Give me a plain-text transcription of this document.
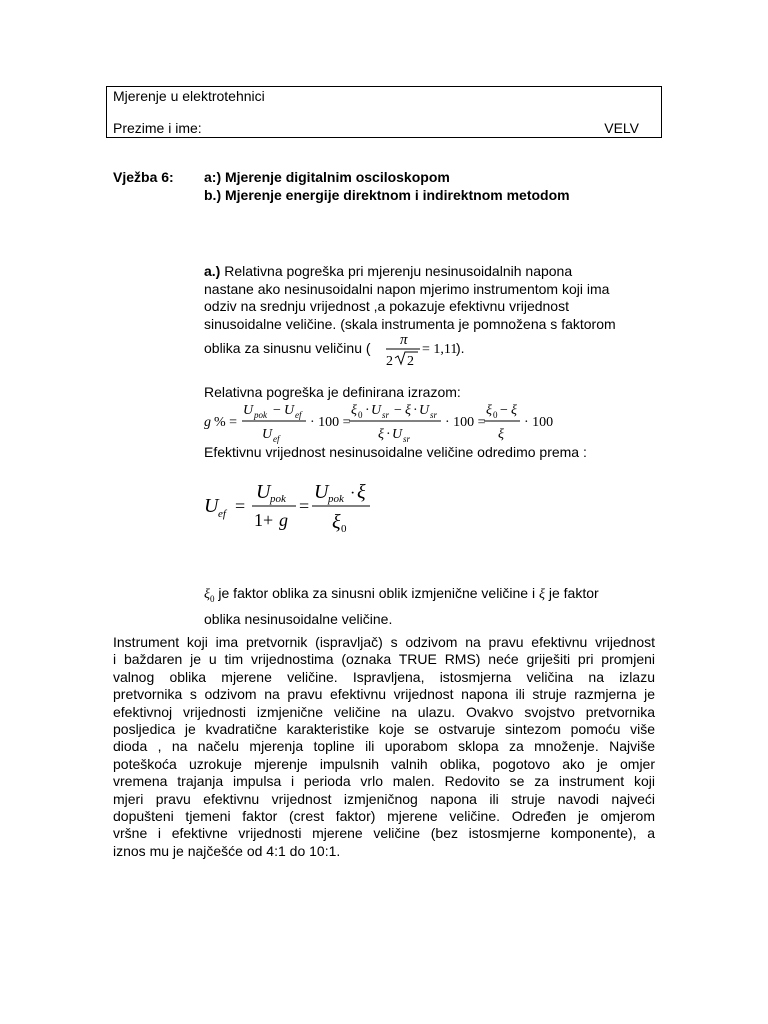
Mjerenje u elektrotehnici
Prezime i ime:	VELV
Vježba 6: a:) Mjerenje digitalnim osciloskopom
b.) Mjerenje energije direktnom i indirektnom metodom
a.) Relativna pogreška pri mjerenju nesinusoidalnih napona
nastane ako nesinusoidalni napon mjerimo instrumentom koji ima
odziv na srednju vrijednost ,a pokazuje efektivnu vrijednost
sinusoidalne veličine. (skala instrumenta je pomnožena s faktorom
oblika za sinusnu veličinu ( π
2 2
= 1,11
).
Relativna pogreška je definirana izrazom:
g % =
U pok − U ef
U ef
· 100 =
ξ 0 · U sr − ξ · U sr
ξ · U sr
· 100 =
ξ 0 − ξ
ξ
· 100
Efektivnu vrijednost nesinusoidalne veličine odredimo prema :
U ef =
U pok
1+ g
=
U pok · ξ
ξ 0
$\xi_0$ je faktor oblika za sinusni oblik izmjenične veličine i ξ je faktor
oblika nesinusoidalne veličine.
Instrument koji ima pretvornik (ispravljač) s odzivom na pravu efektivnu vrijednost
i baždaren je u tim vrijednostima (oznaka TRUE RMS) neće griješiti pri promjeni
valnog oblika mjerene veličine. Ispravljena, istosmjerna veličina na izlazu
pretvornika s odzivom na pravu efektivnu vrijednost napona ili struje razmjerna je
efektivnoj vrijednosti izmjenične veličine na ulazu. Ovakvo svojstvo pretvornika
posljedica je kvadratične karakteristike koje se ostvaruje sintezom pomoću više
dioda , na načelu mjerenja topline ili uporabom sklopa za množenje. Najviše
poteškoća uzrokuje mjerenje impulsnih valnih oblika, pogotovo ako je omjer
vremena trajanja impulsa i perioda vrlo malen. Redovito se za instrument koji
mjeri pravu efektivnu vrijednost izmjeničnog napona ili struje navodi najveći
dopušteni tjemeni faktor (crest faktor) mjerene veličine. Određen je omjerom
vršne i efektivne vrijednosti mjerene veličine (bez istosmjerne komponente), a
iznos mu je najčešće od 4:1 do 10:1.
